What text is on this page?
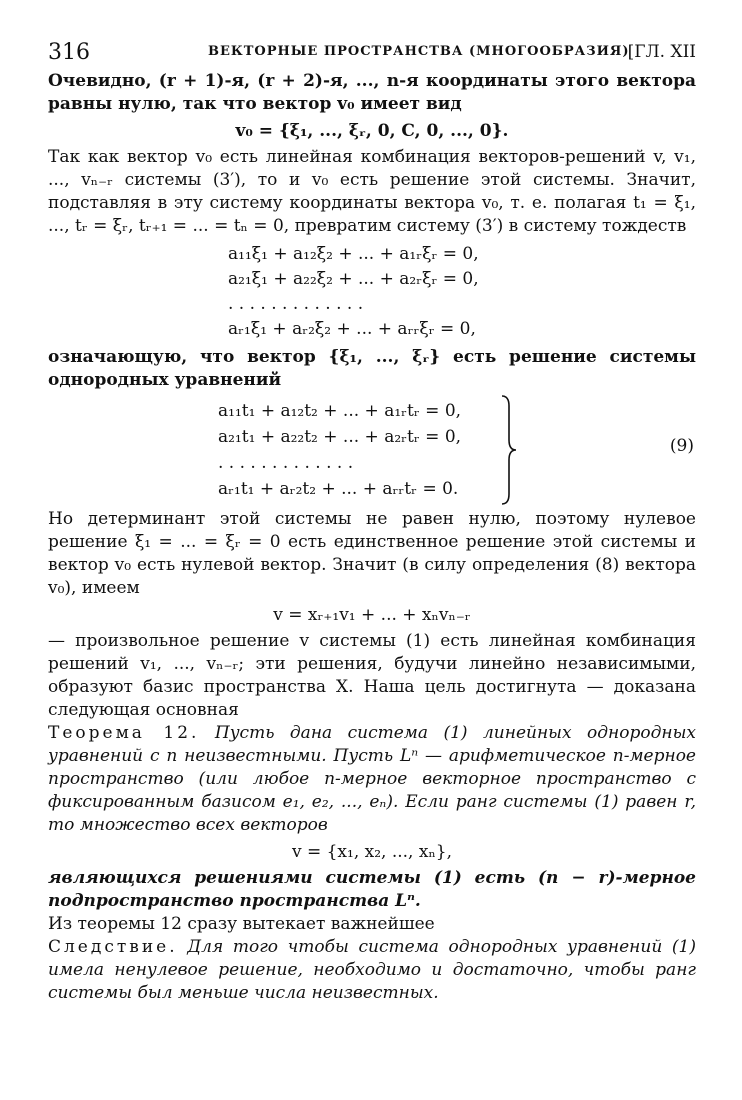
316	ВЕКТОРНЫЕ ПРОСТРАНСТВА (МНОГООБРАЗИЯ)
[ГЛ. XII

Очевидно, (r + 1)-я, (r + 2)-я, ..., n-я координаты этого вектора равны нулю, так что вектор v₀ имеет вид

v₀ = {ξ₁, ..., ξᵣ, 0, C, 0, ..., 0}.

Так как вектор v₀ есть линейная комбинация векторов-решений v, v₁, ..., vₙ₋ᵣ системы (3′), то и v₀ есть решение этой системы. Значит, подставляя в эту систему координаты вектора v₀, т. е. полагая t₁ = ξ₁, ..., tᵣ = ξᵣ, tᵣ₊₁ = ... = tₙ = 0, превратим систему (3′) в систему тождеств

a₁₁ξ₁ + a₁₂ξ₂ + ... + a₁ᵣξᵣ = 0,
a₂₁ξ₁ + a₂₂ξ₂ + ... + a₂ᵣξᵣ = 0,
. . . . . . . . . . . . .
aᵣ₁ξ₁ + aᵣ₂ξ₂ + ... + aᵣᵣξᵣ = 0,

означающую, что вектор {ξ₁, ..., ξᵣ} есть решение системы однородных уравнений

a₁₁t₁ + a₁₂t₂ + ... + a₁ᵣtᵣ = 0,
a₂₁t₁ + a₂₂t₂ + ... + a₂ᵣtᵣ = 0,
. . . . . . . . . . . . .
aᵣ₁t₁ + aᵣ₂t₂ + ... + aᵣᵣtᵣ = 0.
(9)

Но детерминант этой системы не равен нулю, поэтому нулевое решение ξ₁ = ... = ξᵣ = 0 есть единственное решение этой системы и вектор v₀ есть нулевой вектор. Значит (в силу определения (8) вектора v₀), имеем

v = xᵣ₊₁v₁ + ... + xₙvₙ₋ᵣ

— произвольное решение v системы (1) есть линейная комбинация решений v₁, ..., vₙ₋ᵣ; эти решения, будучи линейно независимыми, образуют базис пространства X. Наша цель достигнута — доказана следующая основная

Теорема 12. Пусть дана система (1) линейных однородных уравнений с n неизвестными. Пусть Lⁿ — арифметическое n-мерное пространство (или любое n-мерное векторное пространство с фиксированным базисом e₁, e₂, ..., eₙ). Если ранг системы (1) равен r, то множество всех векторов

v = {x₁, x₂, ..., xₙ},

являющихся решениями системы (1) есть (n − r)-мерное подпространство пространства Lⁿ.

Из теоремы 12 сразу вытекает важнейшее

Следствие. Для того чтобы система однородных уравнений (1) имела ненулевое решение, необходимо и достаточно, чтобы ранг системы был меньше числа неизвестных.
